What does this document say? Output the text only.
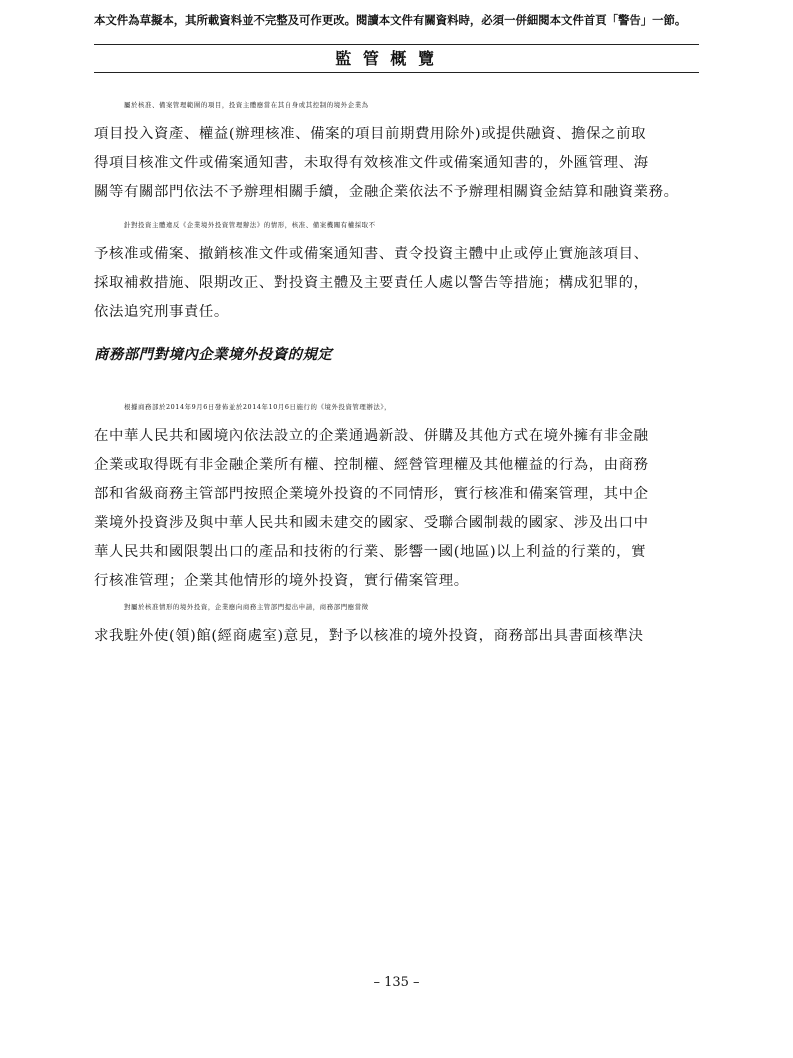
本文件為草擬本，其所載資料並不完整及可作更改。閱讀本文件有關資料時，必須一併細閱本文件首頁「警告」一節。
監 管 概 覽
屬於核准、備案管理範圍的項目，投資主體應當在其自身或其控制的境外企業為
項目投入資產、權益(辦理核准、備案的項目前期費用除外)或提供融資、擔保之前取
得項目核准文件或備案通知書，未取得有效核准文件或備案通知書的，外匯管理、海
關等有關部門依法不予辦理相關手續，金融企業依法不予辦理相關資金結算和融資業務。
針對投資主體違反《企業境外投資管理辦法》的情形，核准、備案機關有權採取不
予核准或備案、撤銷核准文件或備案通知書、責令投資主體中止或停止實施該項目、
採取補救措施、限期改正、對投資主體及主要責任人處以警告等措施；構成犯罪的，
依法追究刑事責任。
商務部門對境內企業境外投資的規定
根據商務部於2014年9月6日發佈並於2014年10月6日施行的《境外投資管理辦法》，
在中華人民共和國境內依法設立的企業通過新設、併購及其他方式在境外擁有非金融
企業或取得既有非金融企業所有權、控制權、經營管理權及其他權益的行為，由商務
部和省級商務主管部門按照企業境外投資的不同情形，實行核准和備案管理，其中企
業境外投資涉及與中華人民共和國未建交的國家、受聯合國制裁的國家、涉及出口中
華人民共和國限製出口的產品和技術的行業、影響一國(地區)以上利益的行業的，實
行核准管理；企業其他情形的境外投資，實行備案管理。
對屬於核准情形的境外投資，企業應向商務主管部門提出申請，商務部門應當徵
求我駐外使(領)館(經商處室)意見，對予以核准的境外投資，商務部出具書面核準決
– 135 –
